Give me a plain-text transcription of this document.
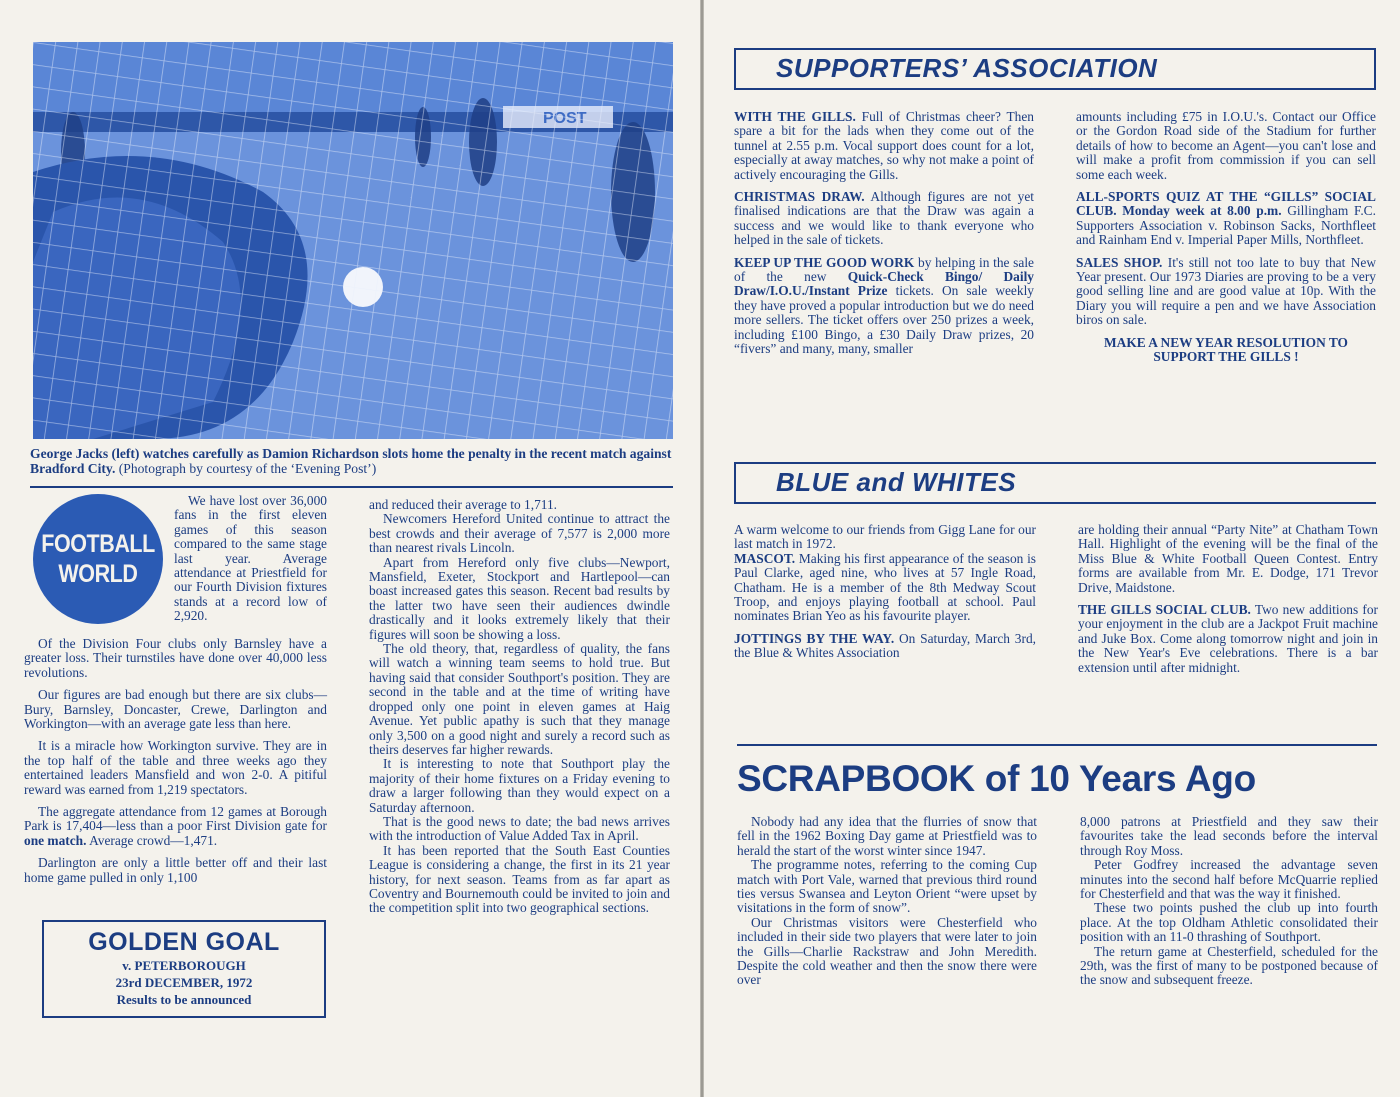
George Jacks (left) watches carefully as Damion Richardson slots home the penalty in the recent match against Bradford City. (Photograph by courtesy of the ‘Evening Post’)
FOOTBALL
WORLD
We have lost over 36,000 fans in the first eleven games of this season compared to the same stage last year. Average attendance at Priestfield for our Fourth Division fixtures stands at a record low of 2,920.

Of the Division Four clubs only Barnsley have a greater loss. Their turnstiles have done over 40,000 less revolutions.

Our figures are bad enough but there are six clubs—Bury, Barnsley, Doncaster, Crewe, Darlington and Workington—with an average gate less than here.

It is a miracle how Workington survive. They are in the top half of the table and three weeks ago they entertained leaders Mansfield and won 2-0. A pitiful reward was earned from 1,219 spectators.

The aggregate attendance from 12 games at Borough Park is 17,404—less than a poor First Division gate for one match. Average crowd—1,471.

Darlington are only a little better off and their last home game pulled in only 1,100

GOLDEN GOAL
v. PETERBOROUGH
23rd DECEMBER, 1972
Results to be announced

and reduced their average to 1,711.

Newcomers Hereford United continue to attract the best crowds and their average of 7,577 is 2,000 more than nearest rivals Lincoln.

Apart from Hereford only five clubs—Newport, Mansfield, Exeter, Stockport and Hartlepool—can boast increased gates this season. Recent bad results by the latter two have seen their audiences dwindle drastically and it looks extremely likely that their figures will soon be showing a loss.

The old theory, that, regardless of quality, the fans will watch a winning team seems to hold true. But having said that consider Southport's position. They are second in the table and at the time of writing have dropped only one point in eleven games at Haig Avenue. Yet public apathy is such that they manage only 3,500 on a good night and surely a record such as theirs deserves far higher rewards.

It is interesting to note that Southport play the majority of their home fixtures on a Friday evening to draw a larger following than they would expect on a Saturday afternoon.

That is the good news to date; the bad news arrives with the introduction of Value Added Tax in April.

It has been reported that the South East Counties League is considering a change, the first in its 21 year history, for next season. Teams from as far apart as Coventry and Bournemouth could be invited to join and the competition split into two geographical sections.

SUPPORTERS’ ASSOCIATION

WITH THE GILLS. Full of Christmas cheer? Then spare a bit for the lads when they come out of the tunnel at 2.55 p.m. Vocal support does count for a lot, especially at away matches, so why not make a point of actively encouraging the Gills.

CHRISTMAS DRAW. Although figures are not yet finalised indications are that the Draw was again a success and we would like to thank everyone who helped in the sale of tickets.

KEEP UP THE GOOD WORK by helping in the sale of the new Quick-Check Bingo/ Daily Draw/I.O.U./Instant Prize tickets. On sale weekly they have proved a popular introduction but we do need more sellers. The ticket offers over 250 prizes a week, including £100 Bingo, a £30 Daily Draw prizes, 20 “fivers” and many, many, smaller

amounts including £75 in I.O.U.'s. Contact our Office or the Gordon Road side of the Stadium for further details of how to become an Agent—you can't lose and will make a profit from commission if you can sell some each week.

ALL-SPORTS QUIZ AT THE “GILLS” SOCIAL CLUB. Monday week at 8.00 p.m. Gillingham F.C. Supporters Association v. Robinson Sacks, Northfleet and Rainham End v. Imperial Paper Mills, Northfleet.

SALES SHOP. It's still not too late to buy that New Year present. Our 1973 Diaries are proving to be a very good selling line and are good value at 10p. With the Diary you will require a pen and we have Association biros on sale.

MAKE A NEW YEAR RESOLUTION TO SUPPORT THE GILLS !

BLUE and WHITES

A warm welcome to our friends from Gigg Lane for our last match in 1972.

MASCOT. Making his first appearance of the season is Paul Clarke, aged nine, who lives at 57 Ingle Road, Chatham. He is a member of the 8th Medway Scout Troop, and enjoys playing football at school. Paul nominates Brian Yeo as his favourite player.

JOTTINGS BY THE WAY. On Saturday, March 3rd, the Blue & Whites Association

are holding their annual “Party Nite” at Chatham Town Hall. Highlight of the evening will be the final of the Miss Blue & White Football Queen Contest. Entry forms are available from Mr. E. Dodge, 171 Trevor Drive, Maidstone.

THE GILLS SOCIAL CLUB. Two new additions for your enjoyment in the club are a Jackpot Fruit machine and Juke Box. Come along tomorrow night and join in the New Year's Eve celebrations. There is a bar extension until after midnight.

SCRAPBOOK of 10 Years Ago

Nobody had any idea that the flurries of snow that fell in the 1962 Boxing Day game at Priestfield was to herald the start of the worst winter since 1947.

The programme notes, referring to the coming Cup match with Port Vale, warned that previous third round ties versus Swansea and Leyton Orient “were upset by visitations in the form of snow”.

Our Christmas visitors were Chesterfield who included in their side two players that were later to join the Gills—Charlie Rackstraw and John Meredith. Despite the cold weather and then the snow there were over

8,000 patrons at Priestfield and they saw their favourites take the lead seconds before the interval through Roy Moss.

Peter Godfrey increased the advantage seven minutes into the second half before McQuarrie replied for Chesterfield and that was the way it finished.

These two points pushed the club up into fourth place. At the top Oldham Athletic consolidated their position with an 11-0 thrashing of Southport.

The return game at Chesterfield, scheduled for the 29th, was the first of many to be postponed because of the snow and subsequent freeze.
